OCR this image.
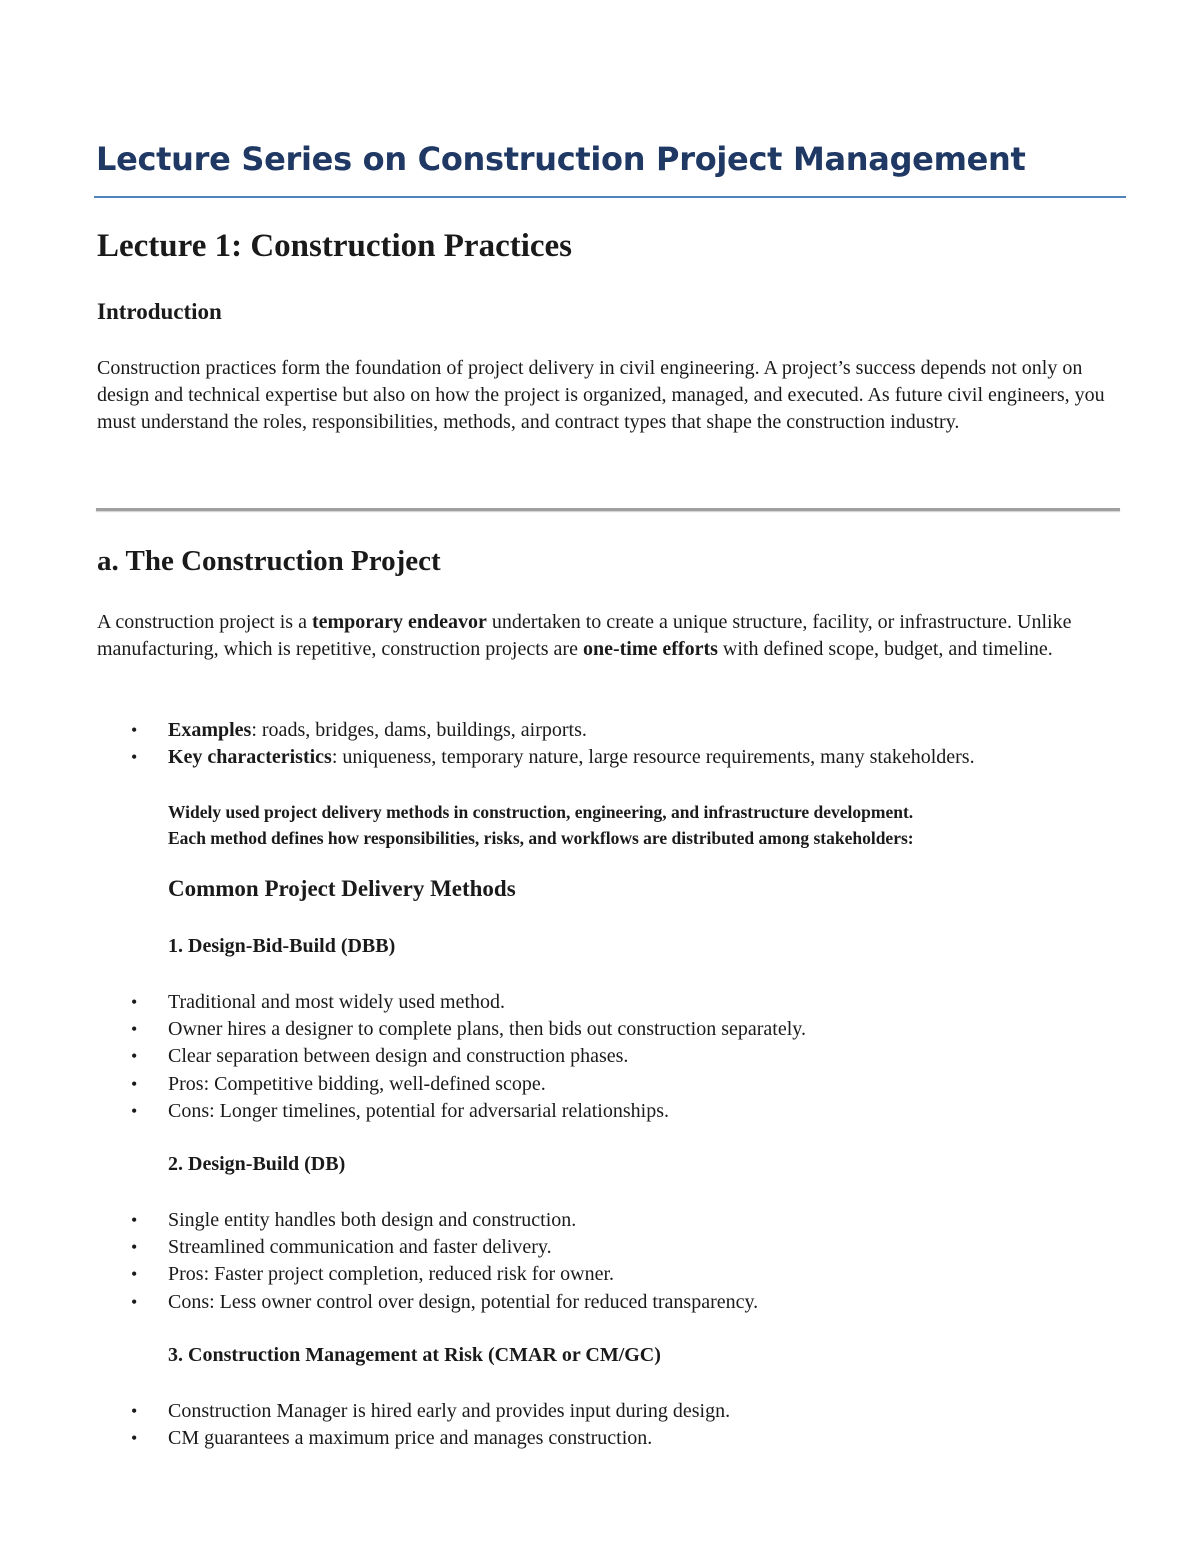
Lecture Series on Construction Project Management
Lecture 1: Construction Practices
Introduction

Construction practices form the foundation of project delivery in civil engineering. A project’s success depends not only on design and technical expertise but also on how the project is organized, managed, and executed. As future civil engineers, you must understand the roles, responsibilities, methods, and contract types that shape the construction industry.

a. The Construction Project

A construction project is a temporary endeavor undertaken to create a unique structure, facility, or infrastructure. Unlike manufacturing, which is repetitive, construction projects are one-time efforts with defined scope, budget, and timeline.

• Examples: roads, bridges, dams, buildings, airports.
• Key characteristics: uniqueness, temporary nature, large resource requirements, many stakeholders.
Widely used project delivery methods in construction, engineering, and infrastructure development.
Each method defines how responsibilities, risks, and workflows are distributed among stakeholders:
Common Project Delivery Methods
1. Design-Bid-Build (DBB)
• Traditional and most widely used method.
• Owner hires a designer to complete plans, then bids out construction separately.
• Clear separation between design and construction phases.
• Pros: Competitive bidding, well-defined scope.
• Cons: Longer timelines, potential for adversarial relationships.
2. Design-Build (DB)
• Single entity handles both design and construction.
• Streamlined communication and faster delivery.
• Pros: Faster project completion, reduced risk for owner.
• Cons: Less owner control over design, potential for reduced transparency.
3. Construction Management at Risk (CMAR or CM/GC)
• Construction Manager is hired early and provides input during design.
• CM guarantees a maximum price and manages construction.
